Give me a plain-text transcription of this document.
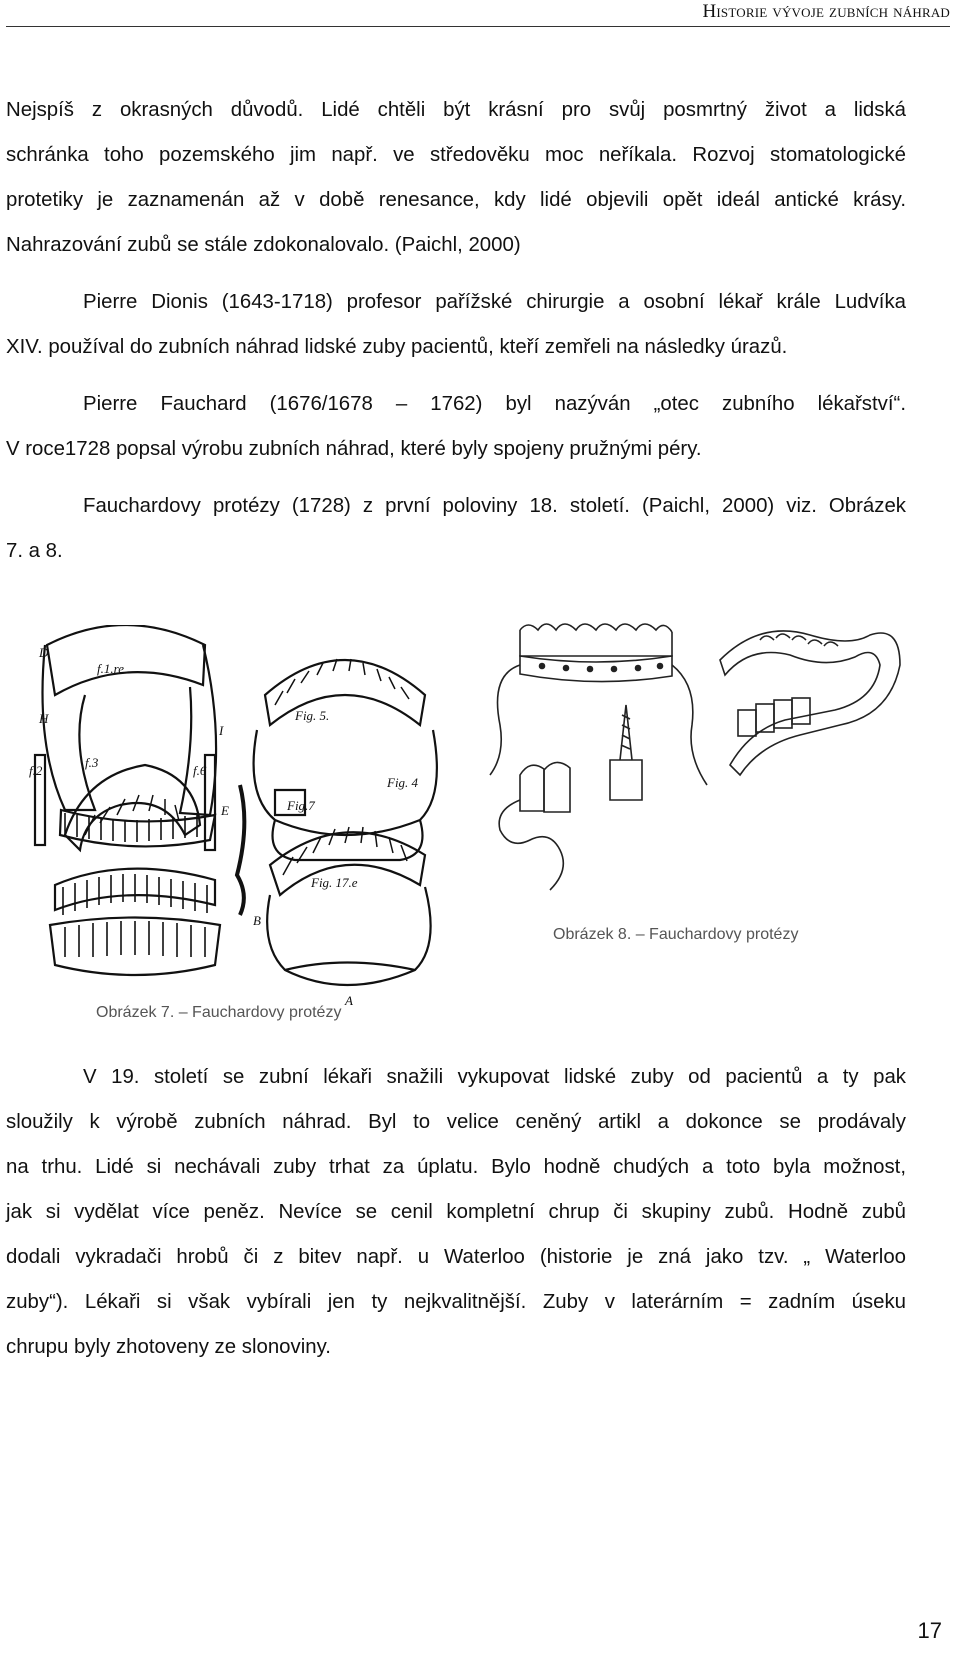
Historie vývoje zubních náhrad
Nejspíš z okrasných důvodů. Lidé chtěli být krásní pro svůj posmrtný život a lidská
schránka toho pozemského jim např. ve středověku moc neříkala. Rozvoj stomatologické
protetiky je zaznamenán až v době renesance, kdy lidé objevili opět ideál antické krásy.
Nahrazování zubů se stále zdokonalovalo. (Paichl, 2000)
Pierre Dionis (1643-1718) profesor pařížské chirurgie a osobní lékař krále Ludvíka
XIV. používal do zubních náhrad lidské zuby pacientů, kteří zemřeli na následky úrazů.
Pierre Fauchard (1676/1678 – 1762) byl nazýván „otec zubního lékařství“.
V roce1728 popsal výrobu zubních náhrad, které byly spojeny pružnými péry.
Fauchardovy protézy (1728) z první poloviny 18. století. (Paichl, 2000) viz. Obrázek
7. a 8.
f.1.re
Fig. 5.
Fig. 4
Fig.7
Fig. 17.e
f.2
f.3
f.6
A
B
D
E
H
I
Obrázek 8. – Fauchardovy protézy
Obrázek 7. – Fauchardovy protézy
V 19. století se zubní lékaři snažili vykupovat lidské zuby od pacientů a ty pak
sloužily k výrobě zubních náhrad. Byl to velice ceněný artikl a dokonce se prodávaly
na trhu. Lidé si nechávali zuby trhat za úplatu. Bylo hodně chudých a toto byla možnost,
jak si vydělat více peněz. Nevíce se cenil kompletní chrup či skupiny zubů. Hodně zubů
dodali vykradači hrobů či z bitev např. u Waterloo (historie je zná jako tzv. „ Waterloo
zuby“). Lékaři si však vybírali jen ty nejkvalitnější. Zuby v laterárním = zadním úseku
chrupu byly zhotoveny ze slonoviny.
17
